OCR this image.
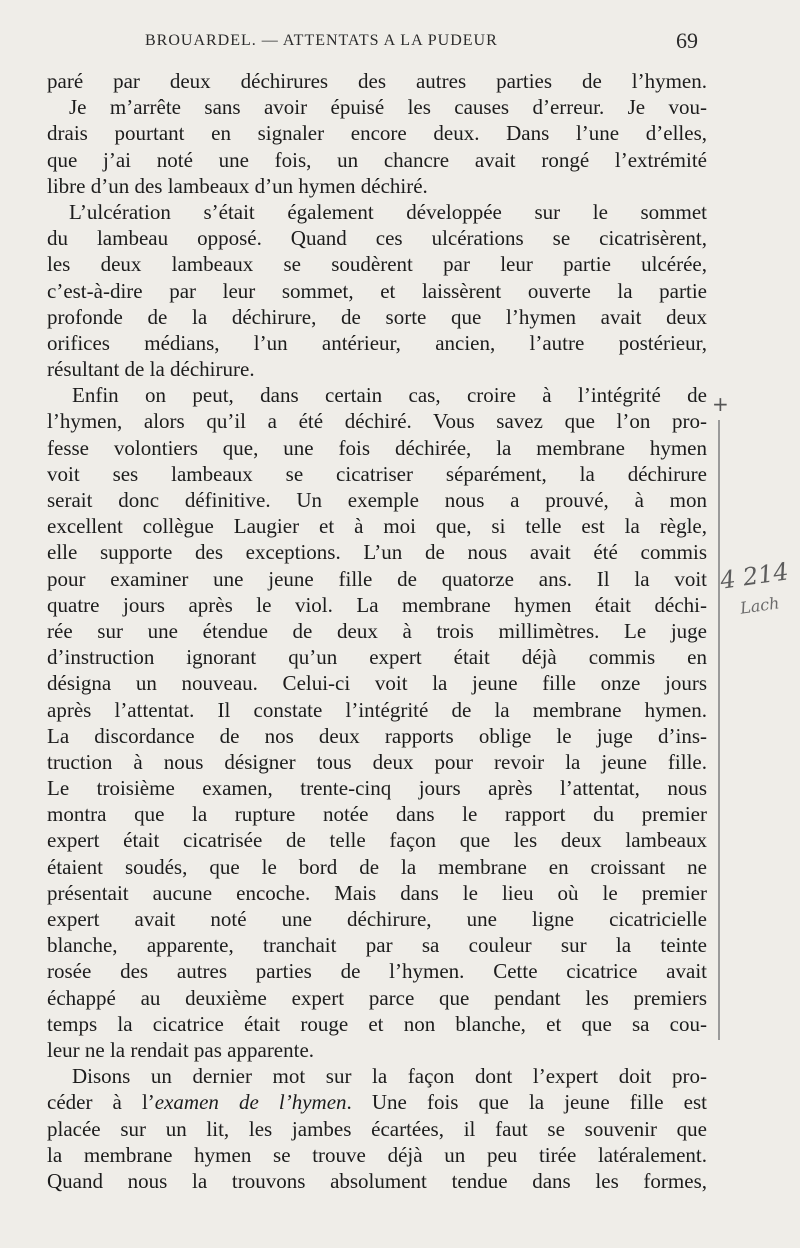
BROUARDEL. — ATTENTATS A LA PUDEUR	69
paré par deux déchirures des autres parties de l’hymen.
Je m’arrête sans avoir épuisé les causes d’erreur. Je vou-
drais pourtant en signaler encore deux. Dans l’une d’elles,
que j’ai noté une fois, un chancre avait rongé l’extrémité
libre d’un des lambeaux d’un hymen déchiré.
L’ulcération s’était également développée sur le sommet
du lambeau opposé. Quand ces ulcérations se cicatrisèrent,
les deux lambeaux se soudèrent par leur partie ulcérée,
c’est-à-dire par leur sommet, et laissèrent ouverte la partie
profonde de la déchirure, de sorte que l’hymen avait deux
orifices médians, l’un antérieur, ancien, l’autre postérieur,
résultant de la déchirure.
Enfin on peut, dans certain cas, croire à l’intégrité de
l’hymen, alors qu’il a été déchiré. Vous savez que l’on pro-
fesse volontiers que, une fois déchirée, la membrane hymen
voit ses lambeaux se cicatriser séparément, la déchirure
serait donc définitive. Un exemple nous a prouvé, à mon
excellent collègue Laugier et à moi que, si telle est la règle,
elle supporte des exceptions. L’un de nous avait été commis
pour examiner une jeune fille de quatorze ans. Il la voit
quatre jours après le viol. La membrane hymen était déchi-
rée sur une étendue de deux à trois millimètres. Le juge
d’instruction ignorant qu’un expert était déjà commis en
désigna un nouveau. Celui-ci voit la jeune fille onze jours
après l’attentat. Il constate l’intégrité de la membrane hymen.
La discordance de nos deux rapports oblige le juge d’ins-
truction à nous désigner tous deux pour revoir la jeune fille.
Le troisième examen, trente-cinq jours après l’attentat, nous
montra que la rupture notée dans le rapport du premier
expert était cicatrisée de telle façon que les deux lambeaux
étaient soudés, que le bord de la membrane en croissant ne
présentait aucune encoche. Mais dans le lieu où le premier
expert avait noté une déchirure, une ligne cicatricielle
blanche, apparente, tranchait par sa couleur sur la teinte
rosée des autres parties de l’hymen. Cette cicatrice avait
échappé au deuxième expert parce que pendant les premiers
temps la cicatrice était rouge et non blanche, et que sa cou-
leur ne la rendait pas apparente.
Disons un dernier mot sur la façon dont l’expert doit pro-
céder à l’examen de l’hymen. Une fois que la jeune fille est
placée sur un lit, les jambes écartées, il faut se souvenir que
la membrane hymen se trouve déjà un peu tirée latéralement.
Quand nous la trouvons absolument tendue dans les formes,
+
4 214
Lach
